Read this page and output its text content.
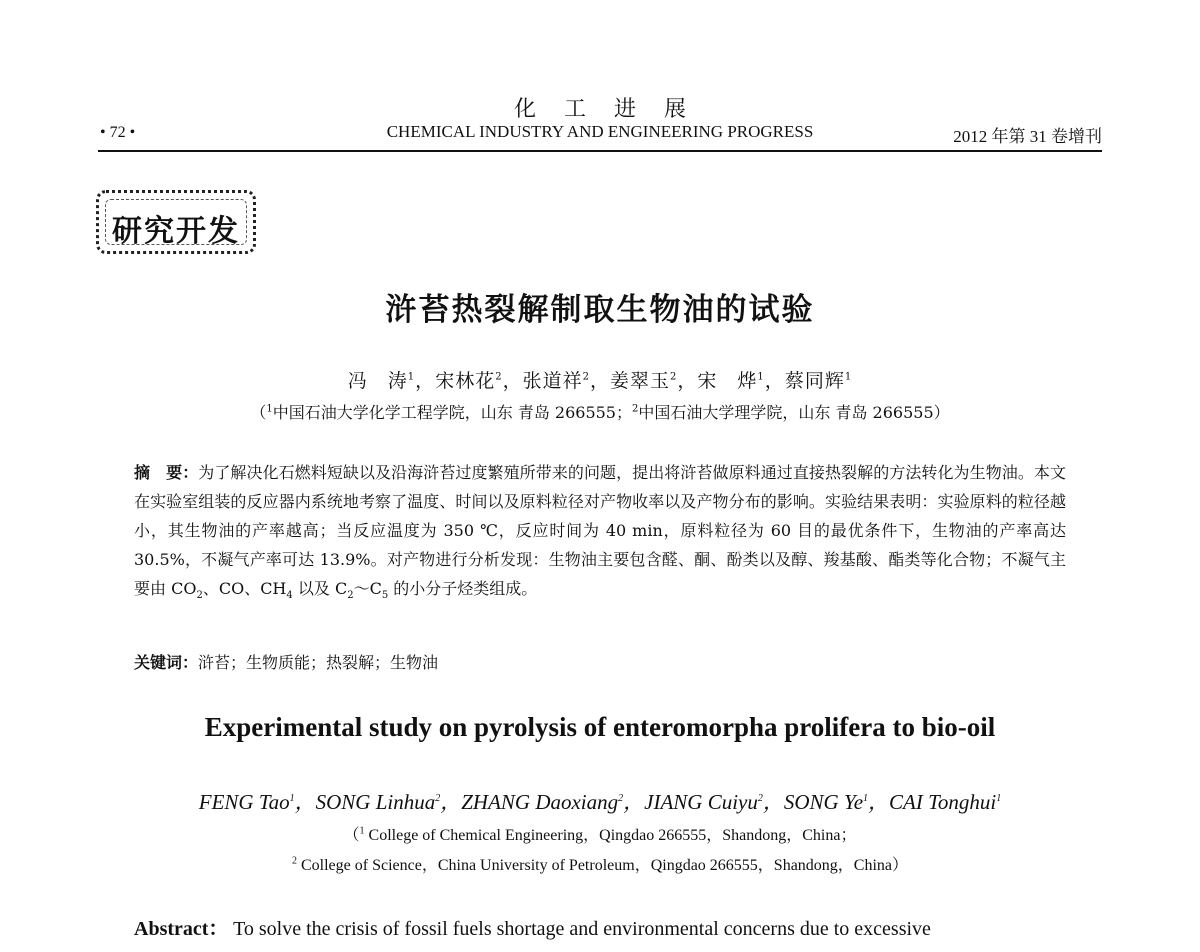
化工进展
• 72 •	CHEMICAL INDUSTRY AND ENGINEERING PROGRESS	2012 年第 31 卷增刊
研究开发
浒苔热裂解制取生物油的试验
冯　涛$^1$，宋林花$^2$，张道祥$^2$，姜翠玉$^2$，宋　烨$^1$，蔡同辉$^1$
（$^1$中国石油大学化学工程学院，山东 青岛 266555；$^2$中国石油大学理学院，山东 青岛 266555）
摘　要：为了解决化石燃料短缺以及沿海浒苔过度繁殖所带来的问题，提出将浒苔做原料通过直接热裂解的方法转化为生物油。本文在实验室组装的反应器内系统地考察了温度、时间以及原料粒径对产物收率以及产物分布的影响。实验结果表明：实验原料的粒径越小，其生物油的产率越高；当反应温度为 350 ℃，反应时间为 40 min，原料粒径为 60 目的最优条件下，生物油的产率高达 30.5%，不凝气产率可达 13.9%。对产物进行分析发现：生物油主要包含醛、酮、酚类以及醇、羧基酸、酯类等化合物；不凝气主要由 $CO_2$、CO、$CH_4$ 以及 $C_2\sim C_5$ 的小分子烃类组成。
关键词：浒苔；生物质能；热裂解；生物油
Experimental study on pyrolysis of enteromorpha prolifera to bio-oil
FENG Tao$^1$，SONG Linhua$^2$，ZHANG Daoxiang$^2$，JIANG Cuiyu$^2$，SONG Ye$^1$，CAI Tonghui$^1$
（$^1$ College of Chemical Engineering，Qingdao 266555，Shandong，China；
$^2$ College of Science，China University of Petroleum，Qingdao 266555，Shandong，China）
Abstract： To solve the crisis of fossil fuels shortage and environmental concerns due to excessive
